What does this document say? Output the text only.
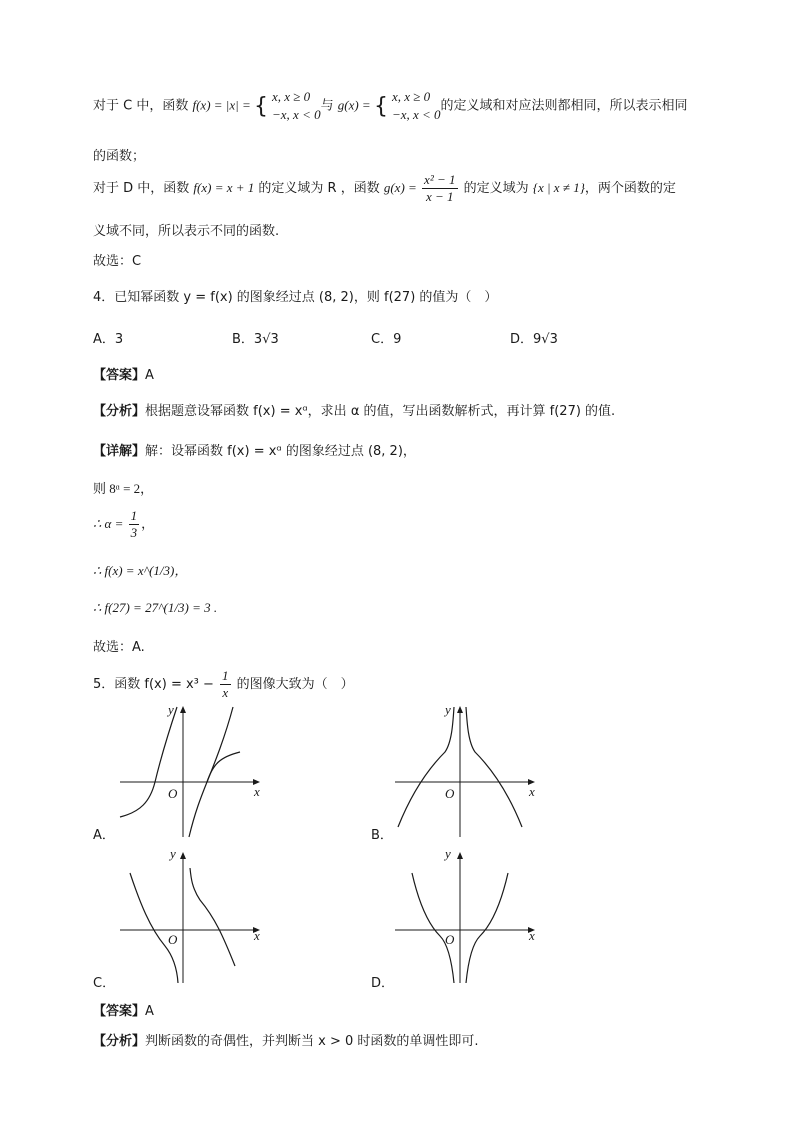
对于 C 中，函数 f(x) = |x| = { x, x ≥ 0
−x, x < 0
与 g(x) = { x, x ≥ 0
−x, x < 0
的定义域和对应法则都相同，所以表示相同
的函数；
对于 D 中，函数 f(x) = x + 1 的定义域为 R ，函数 $g(x) = \frac{\text{x² − 1}}{x - 1}$ 的定义域为 {x | x ≠ 1}，两个函数的定
义域不同，所以表示不同的函数.
故选：C
4．已知幂函数 y = f(x) 的图象经过点 (8, 2)，则 f(27) 的值为（　）
A．3	B．3√3	C．9	D．9√3
【答案】A
【分析】根据题意设幂函数 f(x) = xᵅ，求出 α 的值，写出函数解析式，再计算 f(27) 的值.
【详解】解：设幂函数 f(x) = xᵅ 的图象经过点 (8, 2)，
则 8ᵅ = 2，
∴ $\alpha = \frac{1}{3}$ ，
∴ f(x) = x^(1/3)，
∴ f(27) = 27^(1/3) = 3 .
故选：A.
5．函数 $f(x) = x^3 - \frac{1}{x}$ 的图像大致为（　）
y
x
O
A．
y
x
O
B．
y
x
O
C．
y
x
O
D．
【答案】A
【分析】判断函数的奇偶性，并判断当 x > 0 时函数的单调性即可.
